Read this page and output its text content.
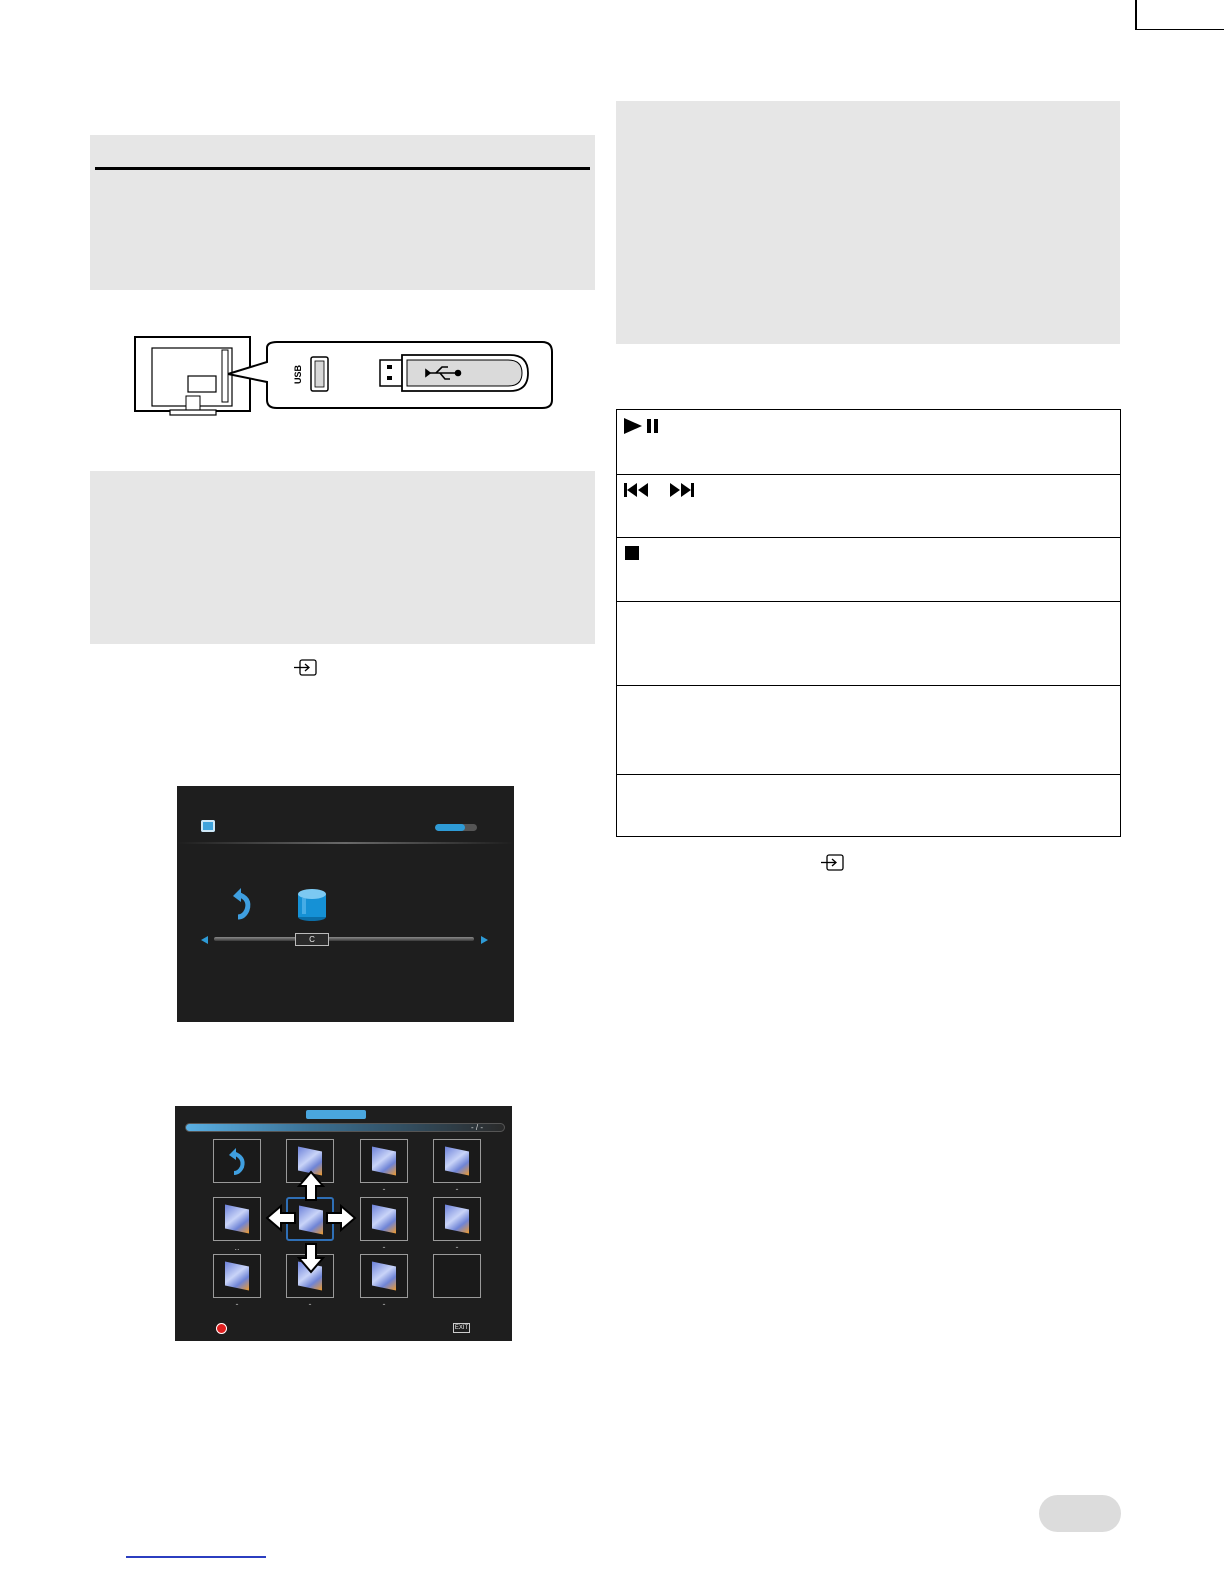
USB
C
- / -
-	-
..	-	-
-	-	-
EXIT
